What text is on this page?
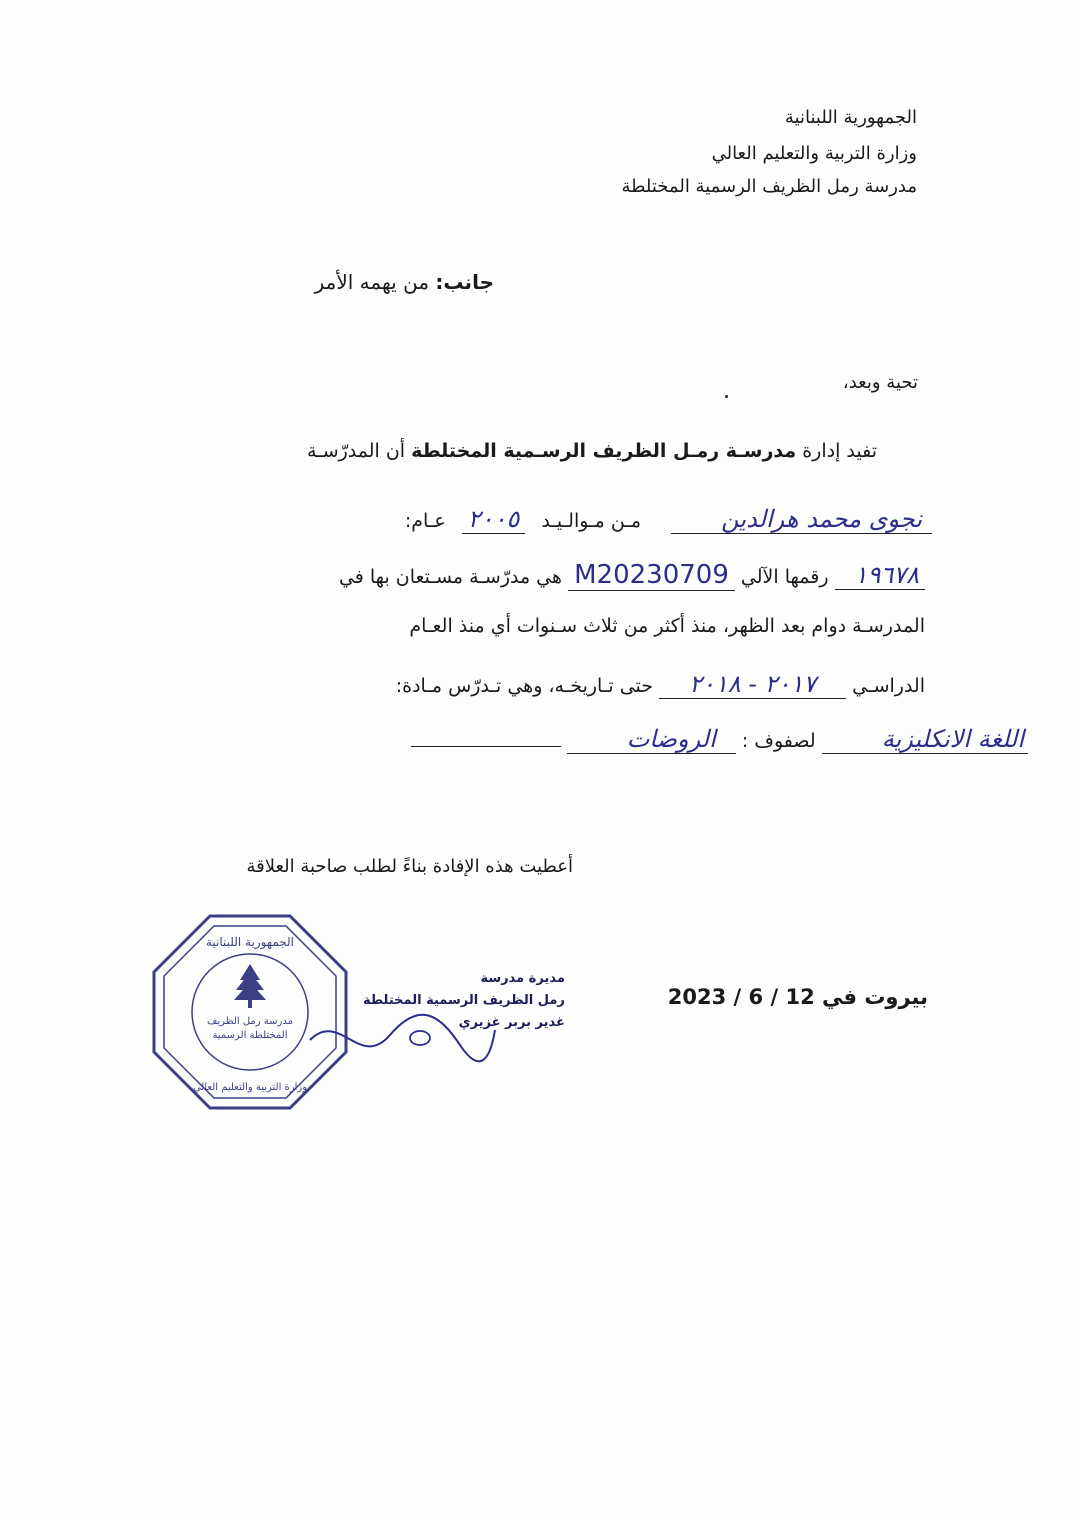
الجمهورية اللبنانية
وزارة التربية والتعليم العالي
مدرسة رمل الظريف الرسمية المختلطة
جانب: من يهمه الأمر
تحية وبعد،
تفيد إدارة مدرسـة رمـل الظريف الرسـمية المختلطة أن المدرّسـة
نجوى محمد هرالدين  مـن مـوالـيـد ٢٠٠٥ عـام:
١٩٦٧٨ رقمها الآلي M20230709 هي مدرّسـة مسـتعان بها في
المدرسـة دوام بعد الظهر، منذ أكثر من ثلاث سـنوات أي منذ العـام
الدراسـي ٢٠١٧ - ٢٠١٨ حتى تـاريخـه، وهي تـدرّس مـادة:
اللغة الانكليزية لصفوف : الروضات
أعطيت هذه الإفادة بناءً لطلب صاحبة العلاقة
بيروت في 12 / 6 / 2023
مدرسة رمل الظريف
المختلطة الرسمية
الجمهورية اللبنانية
وزارة التربية والتعليم العالي
مديرة مدرسة
رمل الظريف الرسمية المختلطة
غدير بربر غزيري
